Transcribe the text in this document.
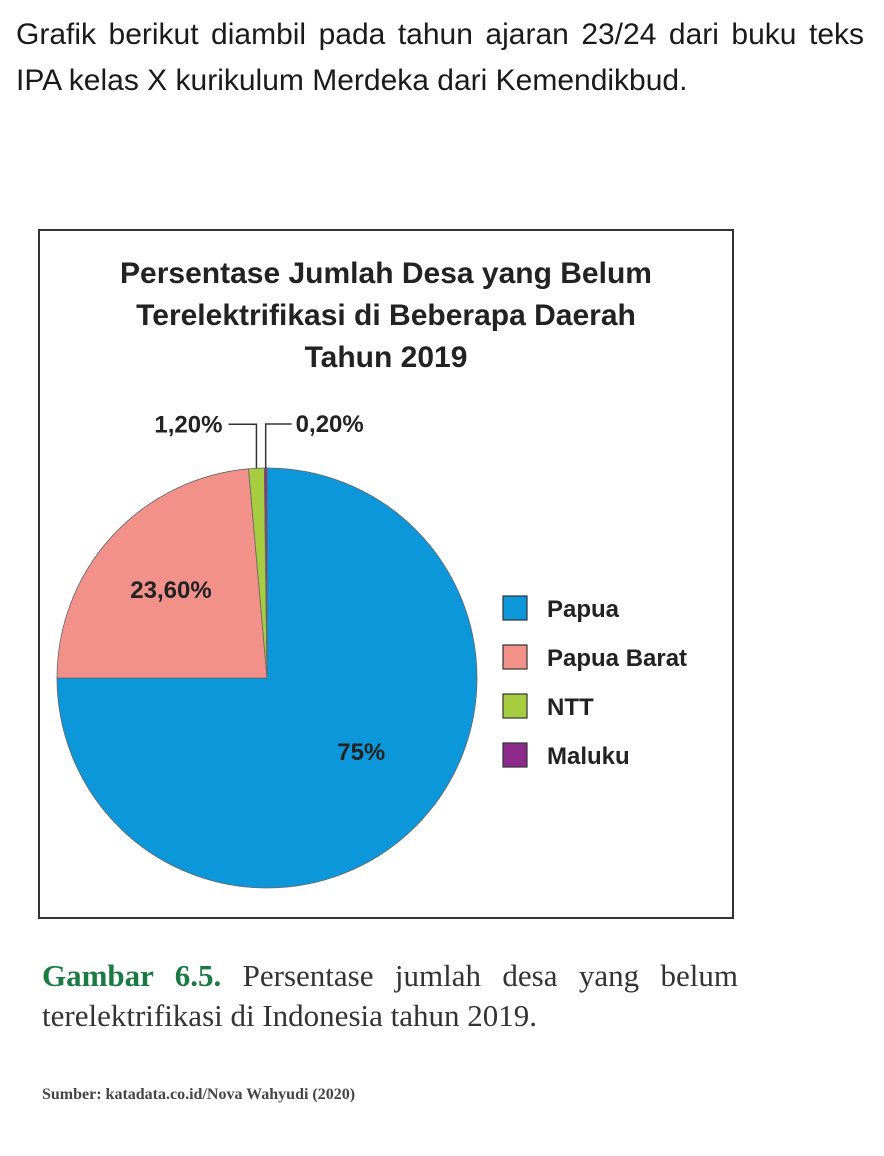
Grafik berikut diambil pada tahun ajaran 23/24 dari buku teks IPA kelas X kurikulum Merdeka dari Kemendikbud.

Persentase Jumlah Desa yang Belum
Terelektrifikasi di Beberapa Daerah
Tahun 2019
75%
23,60%
1,20%	0,20%
Papua
Papua Barat
NTT
Maluku

Gambar 6.5. Persentase jumlah desa yang belum terelektrifikasi di Indonesia tahun 2019.

Sumber: katadata.co.id/Nova Wahyudi (2020)
